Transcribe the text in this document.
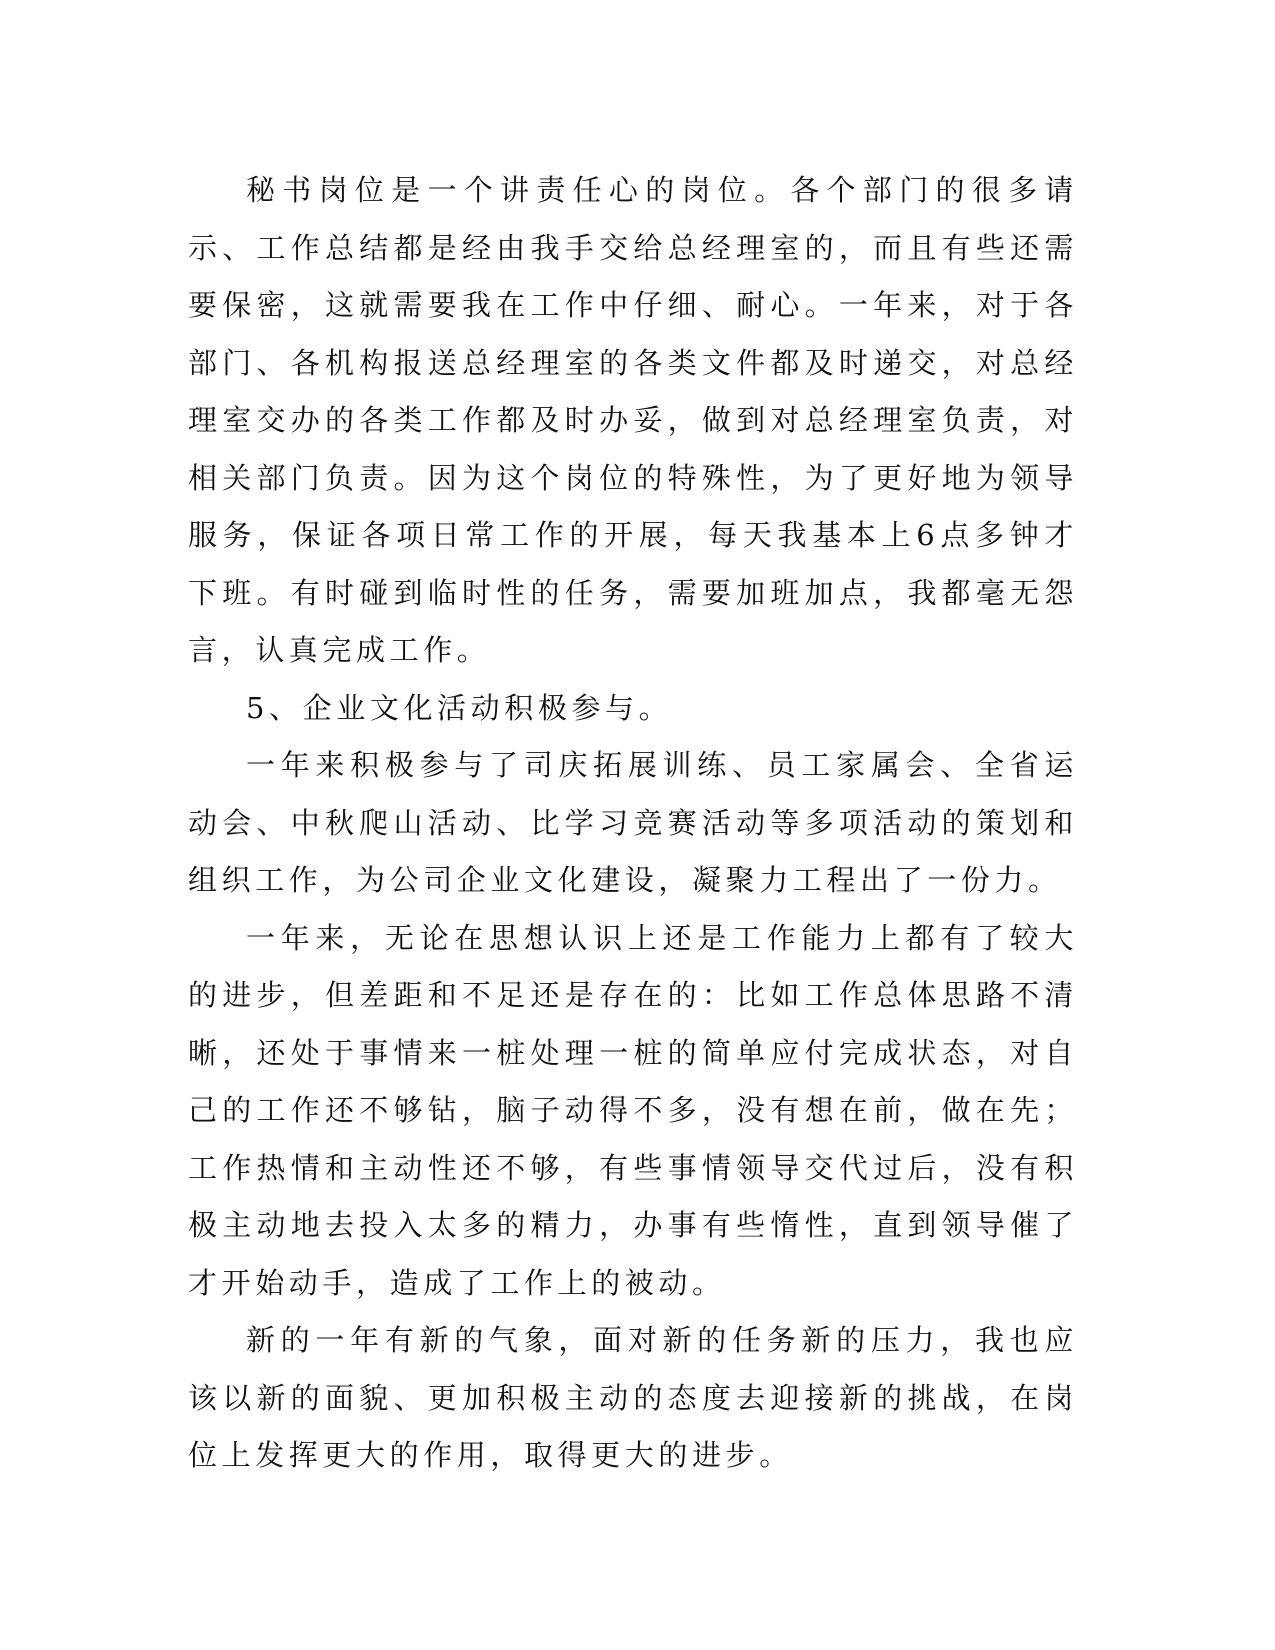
秘书岗位是一个讲责任心的岗位。各个部门的很多请示、工作总结都是经由我手交给总经理室的，而且有些还需要保密，这就需要我在工作中仔细、耐心。一年来，对于各部门、各机构报送总经理室的各类文件都及时递交，对总经理室交办的各类工作都及时办妥，做到对总经理室负责，对相关部门负责。因为这个岗位的特殊性，为了更好地为领导服务，保证各项日常工作的开展，每天我基本上6点多钟才下班。有时碰到临时性的任务，需要加班加点，我都毫无怨言，认真完成工作。

5、企业文化活动积极参与。

一年来积极参与了司庆拓展训练、员工家属会、全省运动会、中秋爬山活动、比学习竞赛活动等多项活动的策划和组织工作，为公司企业文化建设，凝聚力工程出了一份力。

一年来，无论在思想认识上还是工作能力上都有了较大的进步，但差距和不足还是存在的：比如工作总体思路不清晰，还处于事情来一桩处理一桩的简单应付完成状态，对自己的工作还不够钻，脑子动得不多，没有想在前，做在先；工作热情和主动性还不够，有些事情领导交代过后，没有积极主动地去投入太多的精力，办事有些惰性，直到领导催了才开始动手，造成了工作上的被动。

新的一年有新的气象，面对新的任务新的压力，我也应该以新的面貌、更加积极主动的态度去迎接新的挑战，在岗位上发挥更大的作用，取得更大的进步。
